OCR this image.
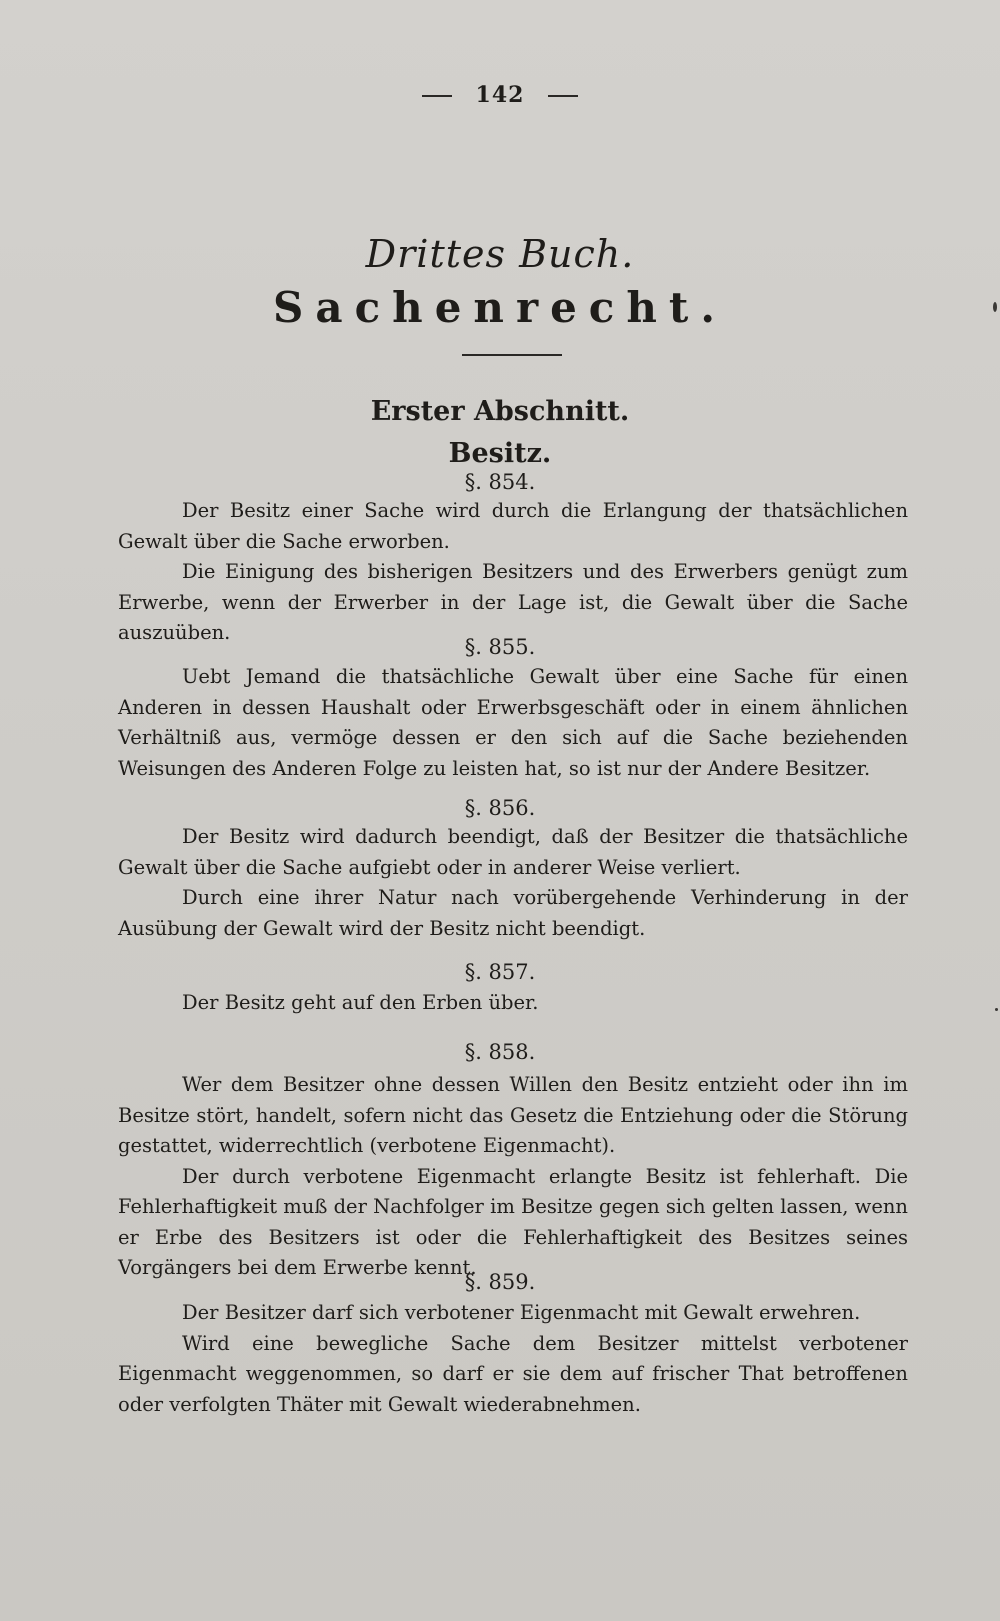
142
Drittes Buch.
Sachenrecht.
Erster Abschnitt.
Besitz.
§. 854.

Der Besitz einer Sache wird durch die Erlangung der thatsächlichen Gewalt über die Sache erworben.

Die Einigung des bisherigen Besitzers und des Erwerbers genügt zum Erwerbe, wenn der Erwerber in der Lage ist, die Gewalt über die Sache auszuüben.

§. 855.

Uebt Jemand die thatsächliche Gewalt über eine Sache für einen Anderen in dessen Haushalt oder Erwerbsgeschäft oder in einem ähnlichen Verhältniß aus, vermöge dessen er den sich auf die Sache beziehenden Weisungen des Anderen Folge zu leisten hat, so ist nur der Andere Besitzer.

§. 856.

Der Besitz wird dadurch beendigt, daß der Besitzer die thatsächliche Gewalt über die Sache aufgiebt oder in anderer Weise verliert.

Durch eine ihrer Natur nach vorübergehende Verhinderung in der Ausübung der Gewalt wird der Besitz nicht beendigt.

§. 857.

Der Besitz geht auf den Erben über.

§. 858.

Wer dem Besitzer ohne dessen Willen den Besitz entzieht oder ihn im Besitze stört, handelt, sofern nicht das Gesetz die Entziehung oder die Störung gestattet, widerrechtlich (verbotene Eigenmacht).

Der durch verbotene Eigenmacht erlangte Besitz ist fehlerhaft. Die Fehlerhaftigkeit muß der Nachfolger im Besitze gegen sich gelten lassen, wenn er Erbe des Besitzers ist oder die Fehlerhaftigkeit des Besitzes seines Vorgängers bei dem Erwerbe kennt.

§. 859.

Der Besitzer darf sich verbotener Eigenmacht mit Gewalt erwehren.

Wird eine bewegliche Sache dem Besitzer mittelst verbotener Eigenmacht weggenommen, so darf er sie dem auf frischer That betroffenen oder verfolgten Thäter mit Gewalt wiederabnehmen.
